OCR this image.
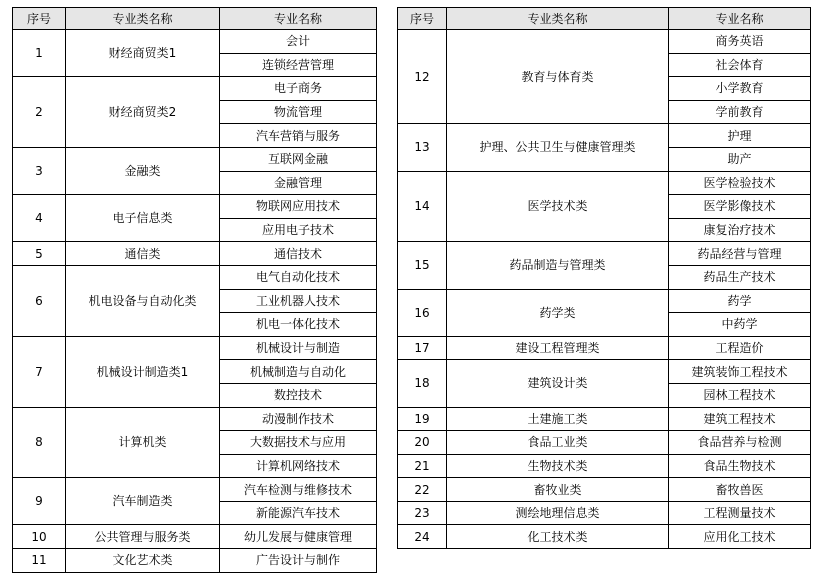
序号	专业类名称	专业名称
1	财经商贸类1	会计
		连锁经营管理
2	财经商贸类2	电子商务
		物流管理
		汽车营销与服务
3	金融类	互联网金融
		金融管理
4	电子信息类	物联网应用技术
		应用电子技术
5	通信类	通信技术
6	机电设备与自动化类	电气自动化技术
		工业机器人技术
		机电一体化技术
7	机械设计制造类1	机械设计与制造
		机械制造与自动化
		数控技术
8	计算机类	动漫制作技术
		大数据技术与应用
		计算机网络技术
9	汽车制造类	汽车检测与维修技术
		新能源汽车技术
10	公共管理与服务类	幼儿发展与健康管理
11	文化艺术类	广告设计与制作
序号	专业类名称	专业名称
12	教育与体育类	商务英语
		社会体育
		小学教育
		学前教育
13	护理、公共卫生与健康管理类	护理
		助产
14	医学技术类	医学检验技术
		医学影像技术
		康复治疗技术
15	药品制造与管理类	药品经营与管理
		药品生产技术
16	药学类	药学
		中药学
17	建设工程管理类	工程造价
18	建筑设计类	建筑装饰工程技术
		园林工程技术
19	土建施工类	建筑工程技术
20	食品工业类	食品营养与检测
21	生物技术类	食品生物技术
22	畜牧业类	畜牧兽医
23	测绘地理信息类	工程测量技术
24	化工技术类	应用化工技术
